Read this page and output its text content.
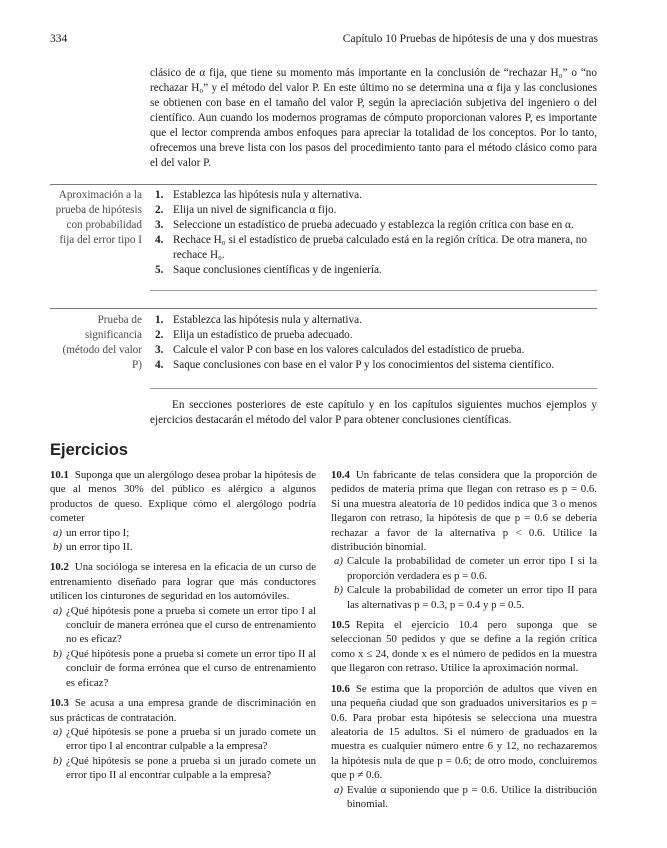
334	Capítulo 10 Pruebas de hipótesis de una y dos muestras
clásico de α fija, que tiene su momento más importante en la conclusión de “rechazar H₀” o “no rechazar H₀” y el método del valor P. En este último no se determina una α fija y las conclusiones se obtienen con base en el tamaño del valor P, según la apreciación subjetiva del ingeniero o del científico. Aun cuando los modernos programas de cómputo proporcionan valores P, es importante que el lector comprenda ambos enfoques para apreciar la totalidad de los conceptos. Por lo tanto, ofrecemos una breve lista con los pasos del procedimiento tanto para el método clásico como para el del valor P.
Aproximación a la prueba de hipótesis con probabilidad fija del error tipo I
1. Establezca las hipótesis nula y alternativa.
2. Elija un nivel de significancia α fijo.
3. Seleccione un estadístico de prueba adecuado y establezca la región crítica con base en α.
4. Rechace H₀ si el estadístico de prueba calculado está en la región crítica. De otra manera, no rechace H₀.
5. Saque conclusiones científicas y de ingeniería.
Prueba de significancia (método del valor P)
1. Establezca las hipótesis nula y alternativa.
2. Elija un estadístico de prueba adecuado.
3. Calcule el valor P con base en los valores calculados del estadístico de prueba.
4. Saque conclusiones con base en el valor P y los conocimientos del sistema científico.
En secciones posteriores de este capítulo y en los capítulos siguientes muchos ejemplos y ejercicios destacarán el método del valor P para obtener conclusiones científicas.
Ejercicios

10.1 Suponga que un alergólogo desea probar la hipótesis de que al menos 30% del público es alérgico a algunos productos de queso. Explique cómo el alergólogo podría cometer

a) un error tipo I;

b) un error tipo II.

10.2 Una socióloga se interesa en la eficacia de un curso de entrenamiento diseñado para lograr que más conductores utilicen los cinturones de seguridad en los automóviles.

a) ¿Qué hipótesis pone a prueba si comete un error tipo I al concluir de manera errónea que el curso de entrenamiento no es eficaz?

b) ¿Qué hipótesis pone a prueba si comete un error tipo II al concluir de forma errónea que el curso de entrenamiento es eficaz?

10.3 Se acusa a una empresa grande de discriminación en sus prácticas de contratación.

a) ¿Qué hipótesis se pone a prueba si un jurado comete un error tipo I al encontrar culpable a la empresa?

b) ¿Qué hipótesis se pone a prueba si un jurado comete un error tipo II al encontrar culpable a la empresa?

10.4 Un fabricante de telas considera que la proporción de pedidos de materia prima que llegan con retraso es p = 0.6. Si una muestra aleatoria de 10 pedidos indica que 3 o menos llegaron con retraso, la hipótesis de que p = 0.6 se debería rechazar a favor de la alternativa p < 0.6. Utilice la distribución binomial.

a) Calcule la probabilidad de cometer un error tipo I si la proporción verdadera es p = 0.6.

b) Calcule la probabilidad de cometer un error tipo II para las alternativas p = 0.3, p = 0.4 y p = 0.5.

10.5 Repita el ejercicio 10.4 pero suponga que se seleccionan 50 pedidos y que se define a la región crítica como x ≤ 24, donde x es el número de pedidos en la muestra que llegaron con retraso. Utilice la aproximación normal.

10.6 Se estima que la proporción de adultos que viven en una pequeña ciudad que son graduados universitarios es p = 0.6. Para probar esta hipótesis se selecciona una muestra aleatoria de 15 adultos. Si el número de graduados en la muestra es cualquier número entre 6 y 12, no rechazaremos la hipótesis nula de que p = 0.6; de otro modo, concluiremos que p ≠ 0.6.

a) Evalúe α suponiendo que p = 0.6. Utilice la distribución binomial.
